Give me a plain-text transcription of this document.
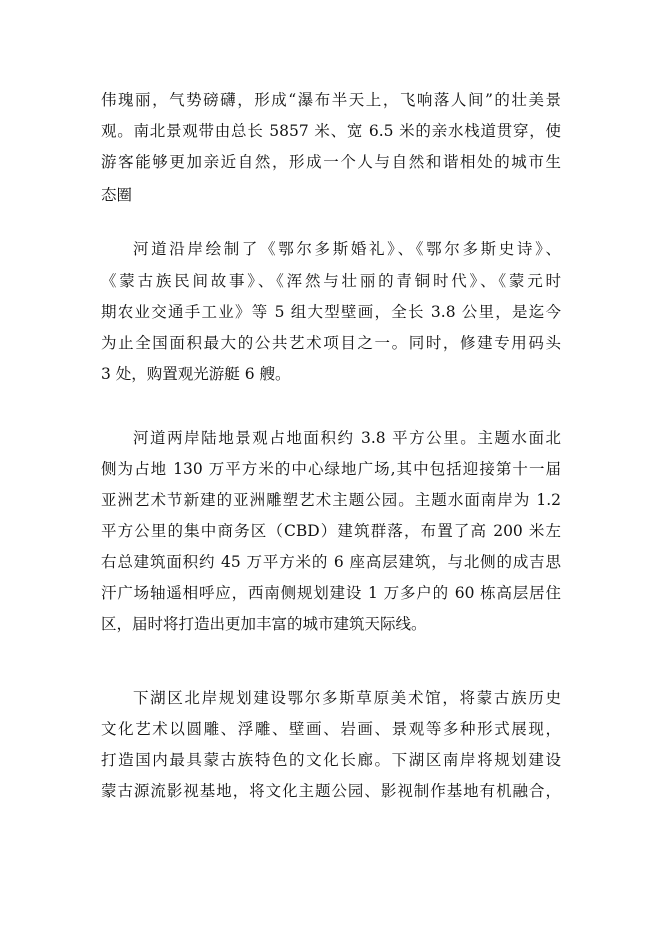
伟瑰丽，气势磅礴，形成“瀑布半天上，飞响落人间”的壮美景
观。南北景观带由总长 5857 米、宽 6.5 米的亲水栈道贯穿，使
游客能够更加亲近自然，形成一个人与自然和谐相处的城市生
态圈
河道沿岸绘制了《鄂尔多斯婚礼》、《鄂尔多斯史诗》、
《蒙古族民间故事》、《浑然与壮丽的青铜时代》、《蒙元时
期农业交通手工业》等 5 组大型壁画，全长 3.8 公里，是迄今
为止全国面积最大的公共艺术项目之一。同时，修建专用码头
3 处，购置观光游艇 6 艘。
河道两岸陆地景观占地面积约 3.8 平方公里。主题水面北
侧为占地 130 万平方米的中心绿地广场,其中包括迎接第十一届
亚洲艺术节新建的亚洲雕塑艺术主题公园。主题水面南岸为 1.2
平方公里的集中商务区（CBD）建筑群落，布置了高 200 米左
右总建筑面积约 45 万平方米的 6 座高层建筑，与北侧的成吉思
汗广场轴遥相呼应，西南侧规划建设 1 万多户的 60 栋高层居住
区，届时将打造出更加丰富的城市建筑天际线。
下湖区北岸规划建设鄂尔多斯草原美术馆，将蒙古族历史
文化艺术以圆雕、浮雕、壁画、岩画、景观等多种形式展现，
打造国内最具蒙古族特色的文化长廊。下湖区南岸将规划建设
蒙古源流影视基地，将文化主题公园、影视制作基地有机融合，
